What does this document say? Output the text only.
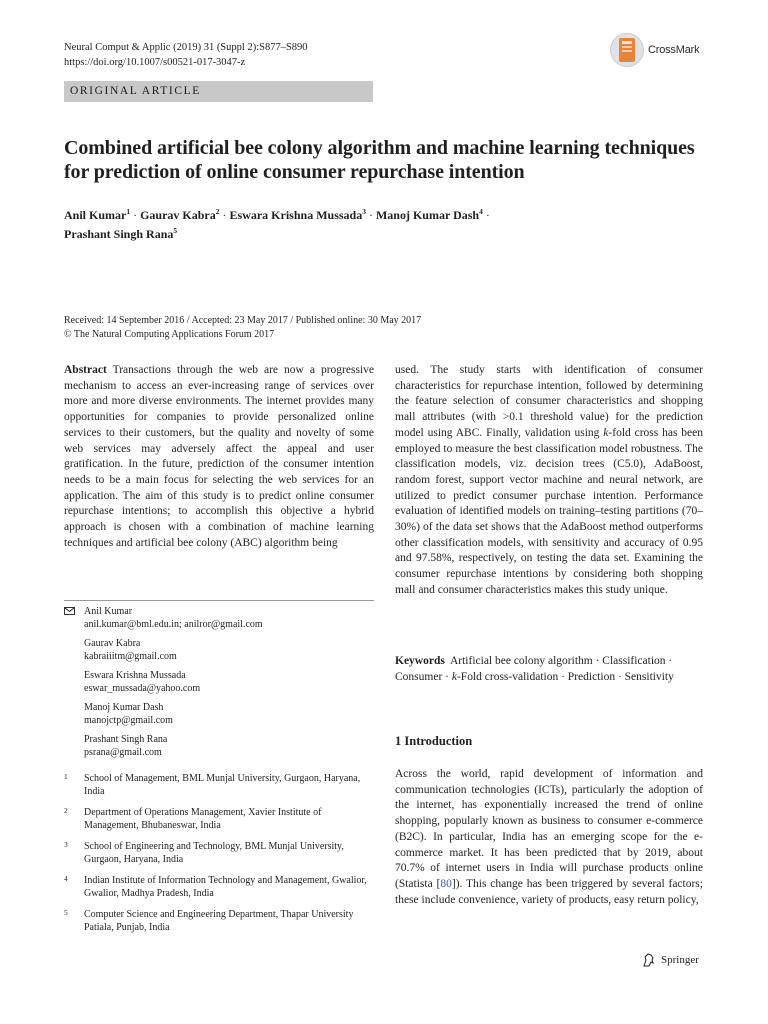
Neural Comput & Applic (2019) 31 (Suppl 2):S877–S890
https://doi.org/10.1007/s00521-017-3047-z
CrossMark
ORIGINAL ARTICLE
Combined artificial bee colony algorithm and machine learning techniques for prediction of online consumer repurchase intention
Anil Kumar$^1$ · Gaurav Kabra$^2$ · Eswara Krishna Mussada$^3$ · Manoj Kumar Dash$^4$ ·
Prashant Singh Rana$^5$
Received: 14 September 2016 / Accepted: 23 May 2017 / Published online: 30 May 2017
© The Natural Computing Applications Forum 2017
Abstract Transactions through the web are now a progressive mechanism to access an ever-increasing range of services over more and more diverse environments. The internet provides many opportunities for companies to provide personalized online services to their customers, but the quality and novelty of some web services may adversely affect the appeal and user gratification. In the future, prediction of the consumer intention needs to be a main focus for selecting the web services for an application. The aim of this study is to predict online consumer repurchase intentions; to accomplish this objective a hybrid approach is chosen with a combination of machine learning techniques and artificial bee colony (ABC) algorithm being
used. The study starts with identification of consumer characteristics for repurchase intention, followed by determining the feature selection of consumer characteristics and shopping mall attributes (with >0.1 threshold value) for the prediction model using ABC. Finally, validation using k-fold cross has been employed to measure the best classification model robustness. The classification models, viz. decision trees (C5.0), AdaBoost, random forest, support vector machine and neural network, are utilized to predict consumer purchase intention. Performance evaluation of identified models on training–testing partitions (70–30%) of the data set shows that the AdaBoost method outperforms other classification models, with sensitivity and accuracy of 0.95 and 97.58%, respectively, on testing the data set. Examining the consumer repurchase intentions by considering both shopping mall and consumer characteristics makes this study unique.
Anil Kumar
anil.kumar@bml.edu.in; anilror@gmail.com
Gaurav Kabra
kabraiiitm@gmail.com
Eswara Krishna Mussada
eswar_mussada@yahoo.com
Manoj Kumar Dash
manojctp@gmail.com
Prashant Singh Rana
psrana@gmail.com
1 School of Management, BML Munjal University, Gurgaon, Haryana, India
2 Department of Operations Management, Xavier Institute of Management, Bhubaneswar, India
3 School of Engineering and Technology, BML Munjal University, Gurgaon, Haryana, India
4 Indian Institute of Information Technology and Management, Gwalior, Gwalior, Madhya Pradesh, India
5 Computer Science and Engineering Department, Thapar University Patiala, Punjab, India
Keywords Artificial bee colony algorithm · Classification · Consumer · k-Fold cross-validation · Prediction · Sensitivity
1 Introduction
Across the world, rapid development of information and communication technologies (ICTs), particularly the adoption of the internet, has exponentially increased the trend of online shopping, popularly known as business to consumer e-commerce (B2C). In particular, India has an emerging scope for the e-commerce market. It has been predicted that by 2019, about 70.7% of internet users in India will purchase products online (Statista [80]). This change has been triggered by several factors; these include convenience, variety of products, easy return policy,
Springer
